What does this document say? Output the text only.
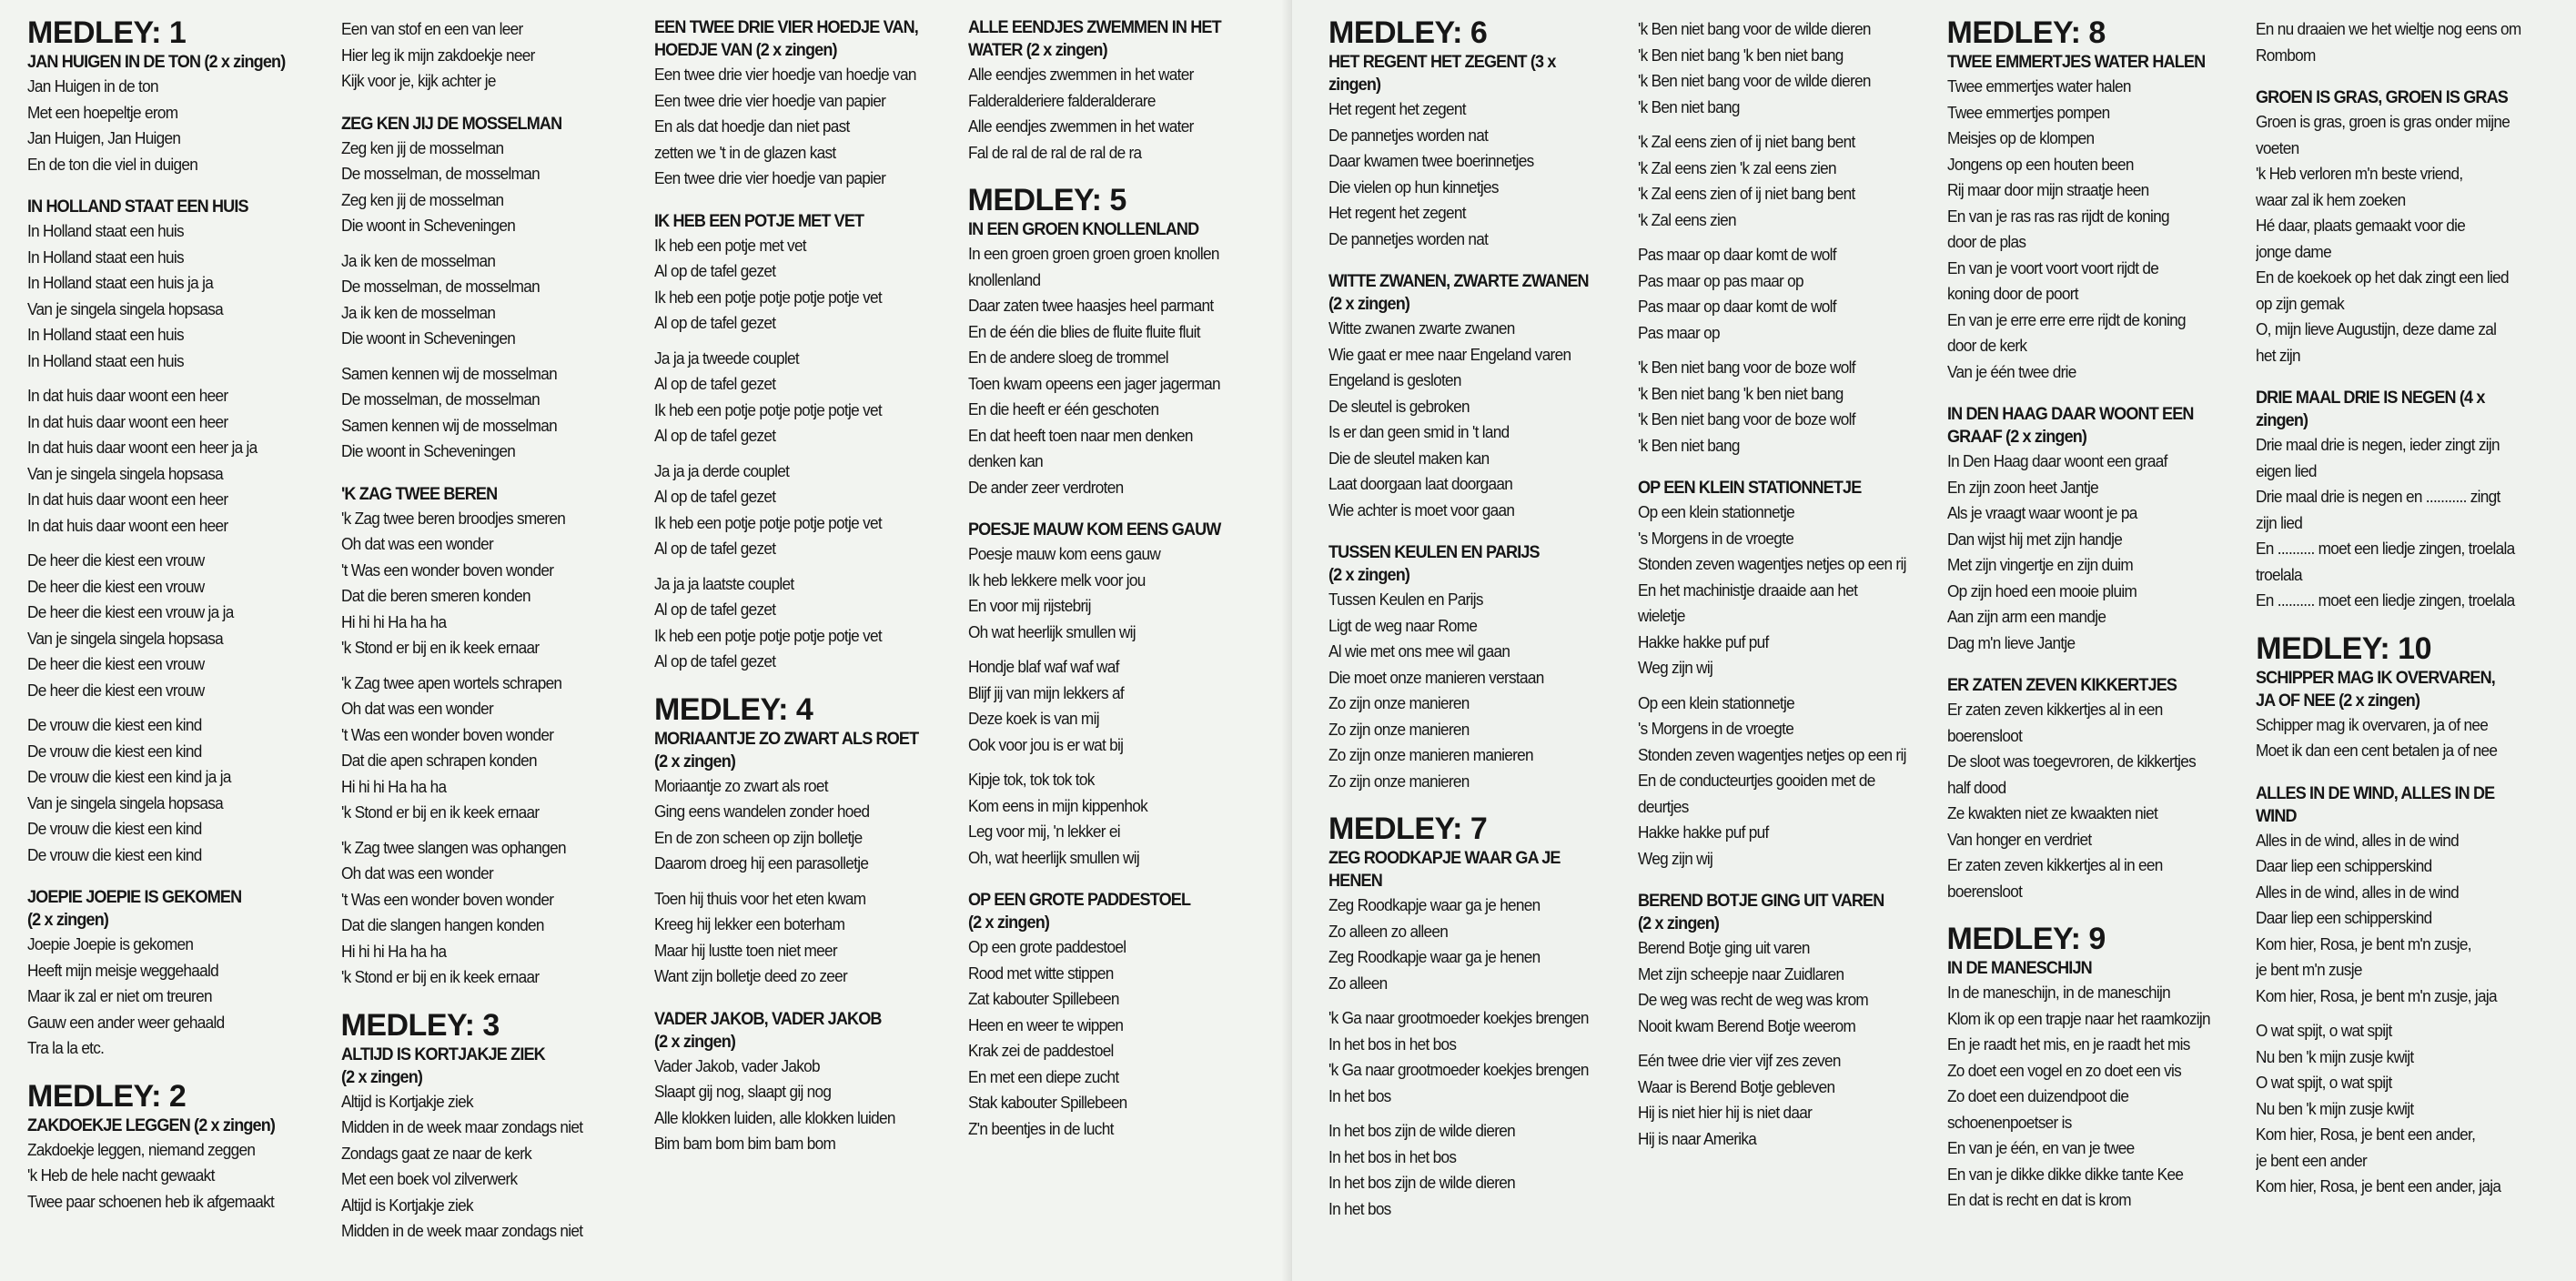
MEDLEY: 1
JAN HUIGEN IN DE TON (2 x zingen)
Jan Huigen in de ton
Met een hoepeltje erom
Jan Huigen, Jan Huigen
En de ton die viel in duigen
IN HOLLAND STAAT EEN HUIS
In Holland staat een huis
In Holland staat een huis
In Holland staat een huis ja ja
Van je singela singela hopsasa
In Holland staat een huis
In Holland staat een huis
In dat huis daar woont een heer
In dat huis daar woont een heer
In dat huis daar woont een heer ja ja
Van je singela singela hopsasa
In dat huis daar woont een heer
In dat huis daar woont een heer
De heer die kiest een vrouw
De heer die kiest een vrouw
De heer die kiest een vrouw ja ja
Van je singela singela hopsasa
De heer die kiest een vrouw
De heer die kiest een vrouw
De vrouw die kiest een kind
De vrouw die kiest een kind
De vrouw die kiest een kind ja ja
Van je singela singela hopsasa
De vrouw die kiest een kind
De vrouw die kiest een kind
JOEPIE JOEPIE IS GEKOMEN
(2 x zingen)
Joepie Joepie is gekomen
Heeft mijn meisje weggehaald
Maar ik zal er niet om treuren
Gauw een ander weer gehaald
Tra la la etc.
MEDLEY: 2
ZAKDOEKJE LEGGEN (2 x zingen)
Zakdoekje leggen, niemand zeggen
'k Heb de hele nacht gewaakt
Twee paar schoenen heb ik afgemaakt
Een van stof en een van leer
Hier leg ik mijn zakdoekje neer
Kijk voor je, kijk achter je
ZEG KEN JIJ DE MOSSELMAN
Zeg ken jij de mosselman
De mosselman, de mosselman
Zeg ken jij de mosselman
Die woont in Scheveningen
Ja ik ken de mosselman
De mosselman, de mosselman
Ja ik ken de mosselman
Die woont in Scheveningen
Samen kennen wij de mosselman
De mosselman, de mosselman
Samen kennen wij de mosselman
Die woont in Scheveningen
'K ZAG TWEE BEREN
'k Zag twee beren broodjes smeren
Oh dat was een wonder
't Was een wonder boven wonder
Dat die beren smeren konden
Hi hi hi Ha ha ha
'k Stond er bij en ik keek ernaar
'k Zag twee apen wortels schrapen
Oh dat was een wonder
't Was een wonder boven wonder
Dat die apen schrapen konden
Hi hi hi Ha ha ha
'k Stond er bij en ik keek ernaar
'k Zag twee slangen was ophangen
Oh dat was een wonder
't Was een wonder boven wonder
Dat die slangen hangen konden
Hi hi hi Ha ha ha
'k Stond er bij en ik keek ernaar
MEDLEY: 3
ALTIJD IS KORTJAKJE ZIEK
(2 x zingen)
Altijd is Kortjakje ziek
Midden in de week maar zondags niet
Zondags gaat ze naar de kerk
Met een boek vol zilverwerk
Altijd is Kortjakje ziek
Midden in de week maar zondags niet
EEN TWEE DRIE VIER HOEDJE VAN,
HOEDJE VAN (2 x zingen)
Een twee drie vier hoedje van hoedje van
Een twee drie vier hoedje van papier
En als dat hoedje dan niet past
zetten we 't in de glazen kast
Een twee drie vier hoedje van papier
IK HEB EEN POTJE MET VET
Ik heb een potje met vet
Al op de tafel gezet
Ik heb een potje potje potje potje vet
Al op de tafel gezet
Ja ja ja tweede couplet
Al op de tafel gezet
Ik heb een potje potje potje potje vet
Al op de tafel gezet
Ja ja ja derde couplet
Al op de tafel gezet
Ik heb een potje potje potje potje vet
Al op de tafel gezet
Ja ja ja laatste couplet
Al op de tafel gezet
Ik heb een potje potje potje potje vet
Al op de tafel gezet
MEDLEY: 4
MORIAANTJE ZO ZWART ALS ROET
(2 x zingen)
Moriaantje zo zwart als roet
Ging eens wandelen zonder hoed
En de zon scheen op zijn bolletje
Daarom droeg hij een parasolletje
Toen hij thuis voor het eten kwam
Kreeg hij lekker een boterham
Maar hij lustte toen niet meer
Want zijn bolletje deed zo zeer
VADER JAKOB, VADER JAKOB
(2 x zingen)
Vader Jakob, vader Jakob
Slaapt gij nog, slaapt gij nog
Alle klokken luiden, alle klokken luiden
Bim bam bom bim bam bom
ALLE EENDJES ZWEMMEN IN HET
WATER (2 x zingen)
Alle eendjes zwemmen in het water
Falderalderiere falderalderare
Alle eendjes zwemmen in het water
Fal de ral de ral de ral de ra
MEDLEY: 5
IN EEN GROEN KNOLLENLAND
In een groen groen groen groen knollen
knollenland
Daar zaten twee haasjes heel parmant
En de één die blies de fluite fluite fluit
En de andere sloeg de trommel
Toen kwam opeens een jager jagerman
En die heeft er één geschoten
En dat heeft toen naar men denken
denken kan
De ander zeer verdroten
POESJE MAUW KOM EENS GAUW
Poesje mauw kom eens gauw
Ik heb lekkere melk voor jou
En voor mij rijstebrij
Oh wat heerlijk smullen wij
Hondje blaf waf waf waf
Blijf jij van mijn lekkers af
Deze koek is van mij
Ook voor jou is er wat bij
Kipje tok, tok tok tok
Kom eens in mijn kippenhok
Leg voor mij, 'n lekker ei
Oh, wat heerlijk smullen wij
OP EEN GROTE PADDESTOEL
(2 x zingen)
Op een grote paddestoel
Rood met witte stippen
Zat kabouter Spillebeen
Heen en weer te wippen
Krak zei de paddestoel
En met een diepe zucht
Stak kabouter Spillebeen
Z'n beentjes in de lucht
MEDLEY: 6
HET REGENT HET ZEGENT (3 x zingen)
Het regent het zegent
De pannetjes worden nat
Daar kwamen twee boerinnetjes
Die vielen op hun kinnetjes
Het regent het zegent
De pannetjes worden nat
WITTE ZWANEN, ZWARTE ZWANEN
(2 x zingen)
Witte zwanen zwarte zwanen
Wie gaat er mee naar Engeland varen
Engeland is gesloten
De sleutel is gebroken
Is er dan geen smid in 't land
Die de sleutel maken kan
Laat doorgaan laat doorgaan
Wie achter is moet voor gaan
TUSSEN KEULEN EN PARIJS
(2 x zingen)
Tussen Keulen en Parijs
Ligt de weg naar Rome
Al wie met ons mee wil gaan
Die moet onze manieren verstaan
Zo zijn onze manieren
Zo zijn onze manieren
Zo zijn onze manieren manieren
Zo zijn onze manieren
MEDLEY: 7
ZEG ROODKAPJE WAAR GA JE HENEN
Zeg Roodkapje waar ga je henen
Zo alleen zo alleen
Zeg Roodkapje waar ga je henen
Zo alleen
'k Ga naar grootmoeder koekjes brengen
In het bos in het bos
'k Ga naar grootmoeder koekjes brengen
In het bos
In het bos zijn de wilde dieren
In het bos in het bos
In het bos zijn de wilde dieren
In het bos
'k Ben niet bang voor de wilde dieren
'k Ben niet bang 'k ben niet bang
'k Ben niet bang voor de wilde dieren
'k Ben niet bang
'k Zal eens zien of ij niet bang bent
'k Zal eens zien 'k zal eens zien
'k Zal eens zien of ij niet bang bent
'k Zal eens zien
Pas maar op daar komt de wolf
Pas maar op pas maar op
Pas maar op daar komt de wolf
Pas maar op
'k Ben niet bang voor de boze wolf
'k Ben niet bang 'k ben niet bang
'k Ben niet bang voor de boze wolf
'k Ben niet bang
OP EEN KLEIN STATIONNETJE
Op een klein stationnetje
's Morgens in de vroegte
Stonden zeven wagentjes netjes op een rij
En het machinistje draaide aan het
wieletje
Hakke hakke puf puf
Weg zijn wij
Op een klein stationnetje
's Morgens in de vroegte
Stonden zeven wagentjes netjes op een rij
En de conducteurtjes gooiden met de
deurtjes
Hakke hakke puf puf
Weg zijn wij
BEREND BOTJE GING UIT VAREN
(2 x zingen)
Berend Botje ging uit varen
Met zijn scheepje naar Zuidlaren
De weg was recht de weg was krom
Nooit kwam Berend Botje weerom
Eén twee drie vier vijf zes zeven
Waar is Berend Botje gebleven
Hij is niet hier hij is niet daar
Hij is naar Amerika
MEDLEY: 8
TWEE EMMERTJES WATER HALEN
Twee emmertjes water halen
Twee emmertjes pompen
Meisjes op de klompen
Jongens op een houten been
Rij maar door mijn straatje heen
En van je ras ras ras rijdt de koning
door de plas
En van je voort voort voort rijdt de
koning door de poort
En van je erre erre erre rijdt de koning
door de kerk
Van je één twee drie
IN DEN HAAG DAAR WOONT EEN
GRAAF (2 x zingen)
In Den Haag daar woont een graaf
En zijn zoon heet Jantje
Als je vraagt waar woont je pa
Dan wijst hij met zijn handje
Met zijn vingertje en zijn duim
Op zijn hoed een mooie pluim
Aan zijn arm een mandje
Dag m'n lieve Jantje
ER ZATEN ZEVEN KIKKERTJES
Er zaten zeven kikkertjes al in een
boerensloot
De sloot was toegevroren, de kikkertjes
half dood
Ze kwakten niet ze kwaakten niet
Van honger en verdriet
Er zaten zeven kikkertjes al in een
boerensloot
MEDLEY: 9
IN DE MANESCHIJN
In de maneschijn, in de maneschijn
Klom ik op een trapje naar het raamkozijn
En je raadt het mis, en je raadt het mis
Zo doet een vogel en zo doet een vis
Zo doet een duizendpoot die
schoenenpoetser is
En van je één, en van je twee
En van je dikke dikke dikke tante Kee
En dat is recht en dat is krom
En nu draaien we het wieltje nog eens om
Rombom
GROEN IS GRAS, GROEN IS GRAS
Groen is gras, groen is gras onder mijne
voeten
'k Heb verloren m'n beste vriend,
waar zal ik hem zoeken
Hé daar, plaats gemaakt voor die
jonge dame
En de koekoek op het dak zingt een lied
op zijn gemak
O, mijn lieve Augustijn, deze dame zal
het zijn
DRIE MAAL DRIE IS NEGEN (4 x zingen)
Drie maal drie is negen, ieder zingt zijn
eigen lied
Drie maal drie is negen en ........... zingt
zijn lied
En .......... moet een liedje zingen, troelala
troelala
En .......... moet een liedje zingen, troelala
MEDLEY: 10
SCHIPPER MAG IK OVERVAREN,
JA OF NEE (2 x zingen)
Schipper mag ik overvaren, ja of nee
Moet ik dan een cent betalen ja of nee
ALLES IN DE WIND, ALLES IN DE WIND
Alles in de wind, alles in de wind
Daar liep een schipperskind
Alles in de wind, alles in de wind
Daar liep een schipperskind
Kom hier, Rosa, je bent m'n zusje,
je bent m'n zusje
Kom hier, Rosa, je bent m'n zusje, jaja
O wat spijt, o wat spijt
Nu ben 'k mijn zusje kwijt
O wat spijt, o wat spijt
Nu ben 'k mijn zusje kwijt
Kom hier, Rosa, je bent een ander,
je bent een ander
Kom hier, Rosa, je bent een ander, jaja
